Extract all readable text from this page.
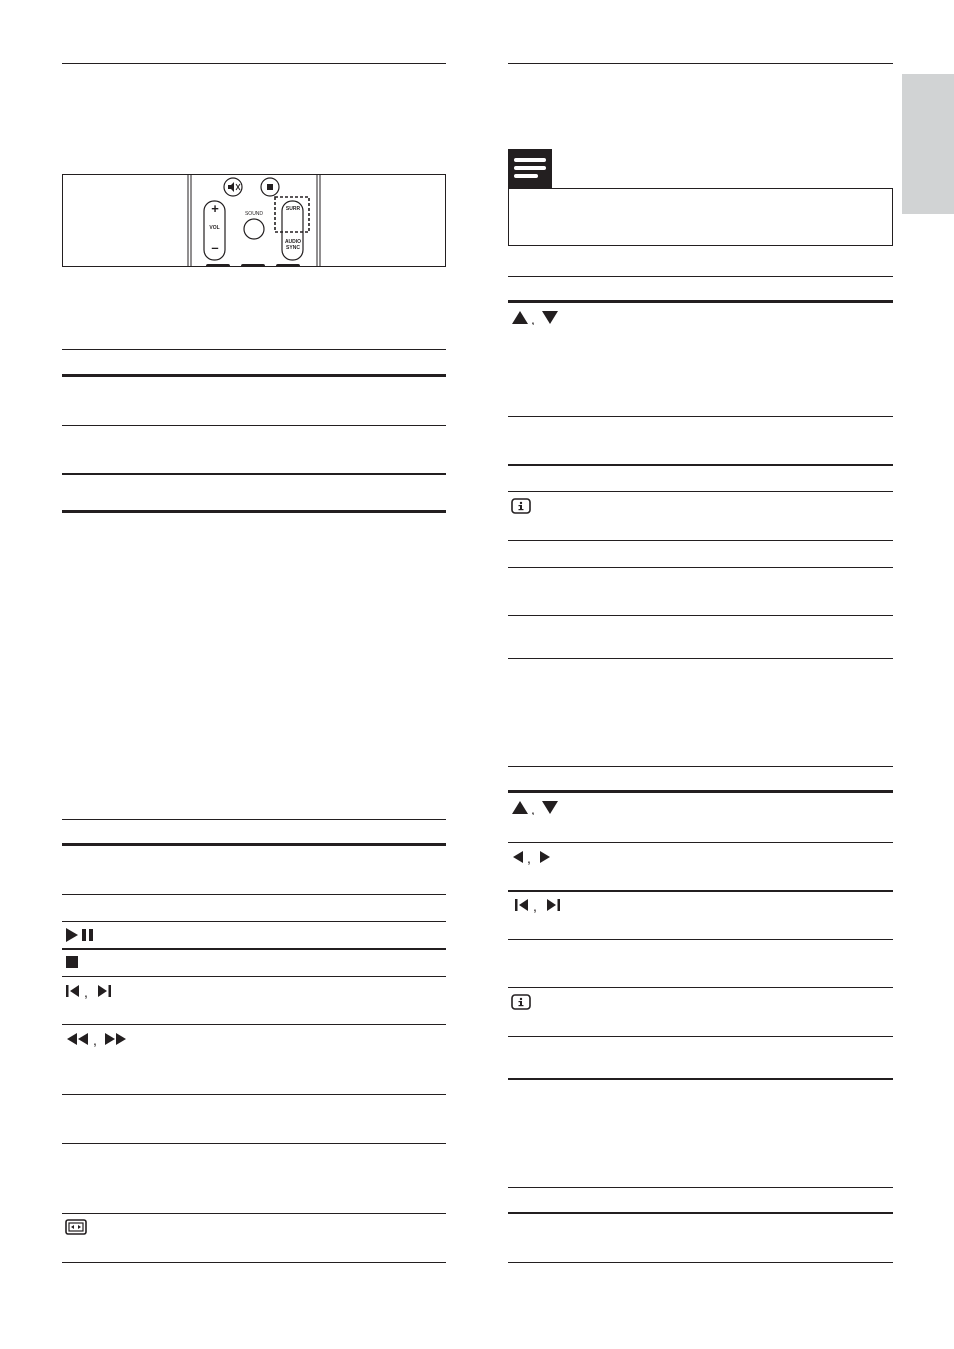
+
VOL
–
SOUND
SURR
AUDIO SYNC
,
,
,
,
,
,
